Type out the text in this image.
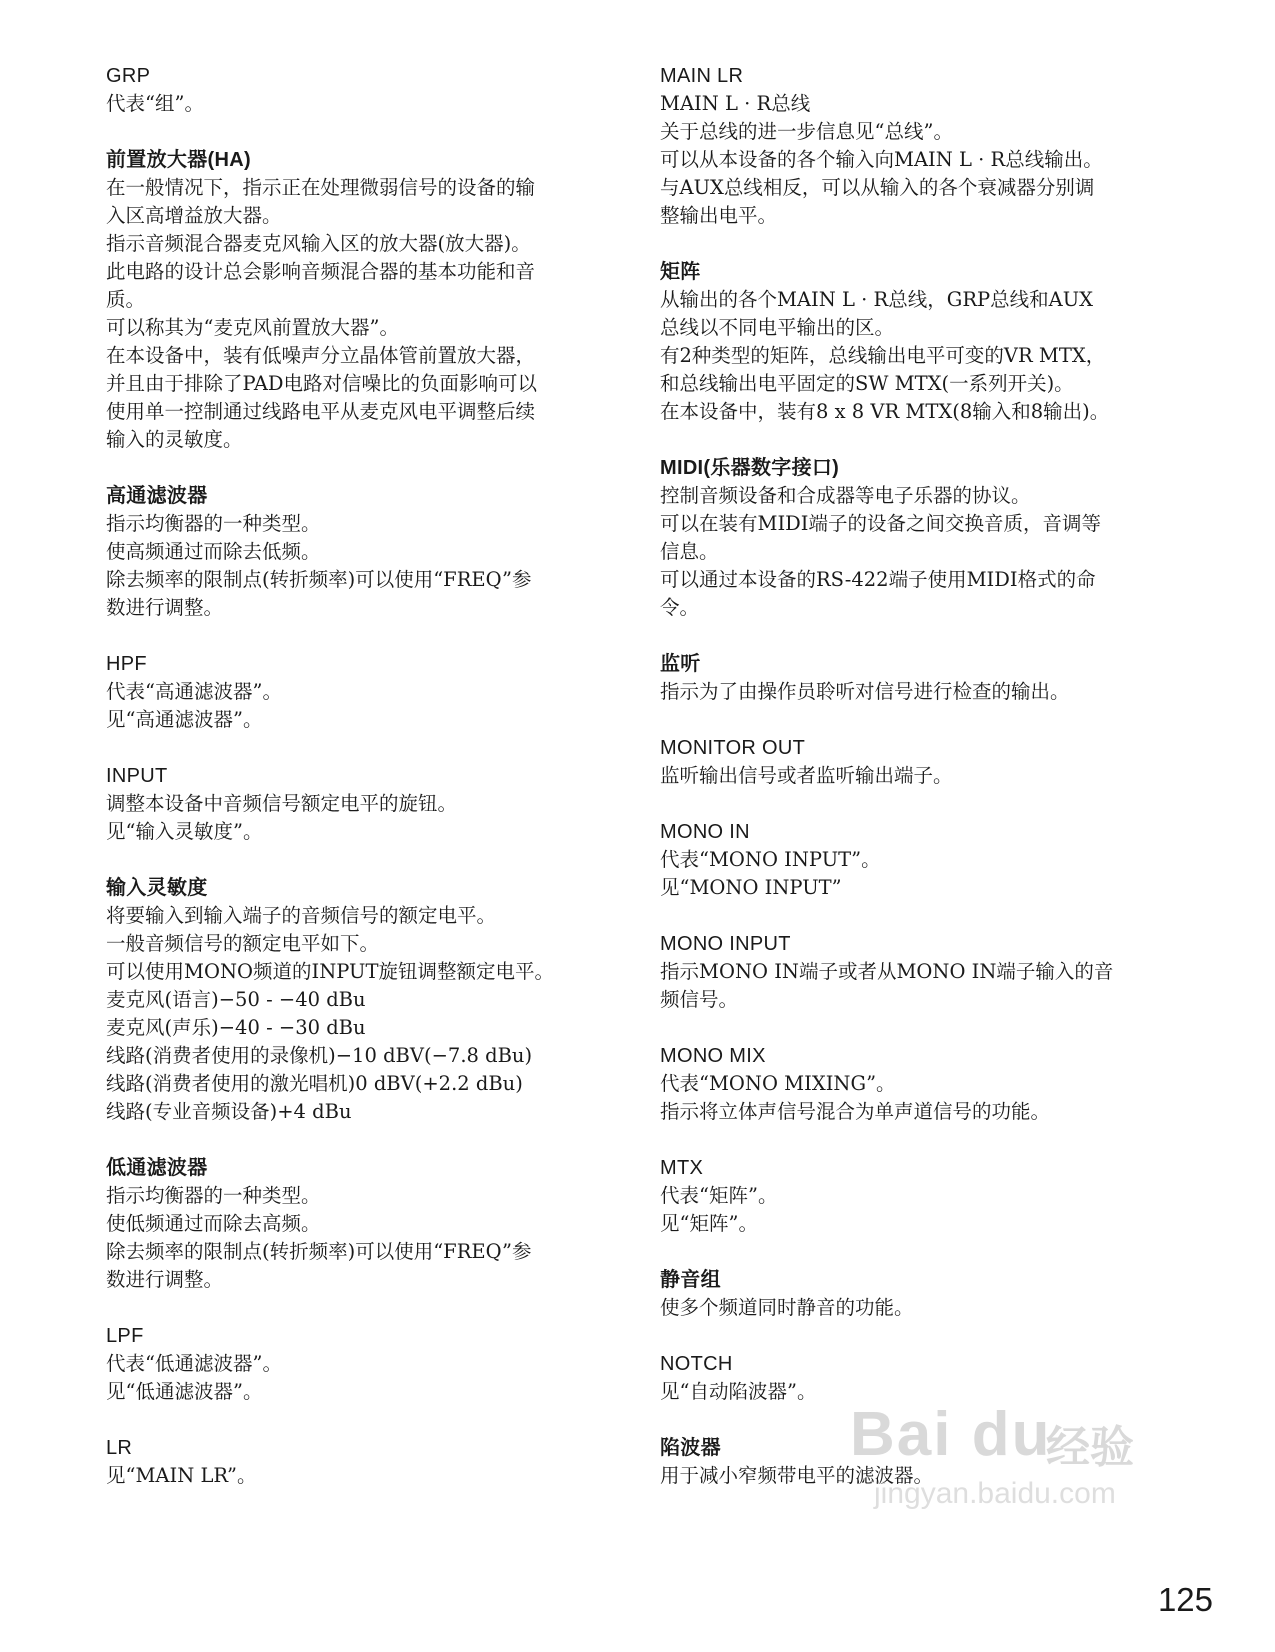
GRP
代表“组”。
前置放大器(HA)
在一般情况下，指示正在处理微弱信号的设备的输
入区高增益放大器。
指示音频混合器麦克风输入区的放大器(放大器)。
此电路的设计总会影响音频混合器的基本功能和音
质。
可以称其为“麦克风前置放大器”。
在本设备中，装有低噪声分立晶体管前置放大器，
并且由于排除了PAD电路对信噪比的负面影响可以
使用单一控制通过线路电平从麦克风电平调整后续
输入的灵敏度。
高通滤波器
指示均衡器的一种类型。
使高频通过而除去低频。
除去频率的限制点(转折频率)可以使用“FREQ”参
数进行调整。
HPF
代表“高通滤波器”。
见“高通滤波器”。
INPUT
调整本设备中音频信号额定电平的旋钮。
见“输入灵敏度”。
输入灵敏度
将要输入到输入端子的音频信号的额定电平。
一般音频信号的额定电平如下。
可以使用MONO频道的INPUT旋钮调整额定电平。
麦克风(语言)−50 - −40 dBu
麦克风(声乐)−40 - −30 dBu
线路(消费者使用的录像机)−10 dBV(−7.8 dBu)
线路(消费者使用的激光唱机)0 dBV(+2.2 dBu)
线路(专业音频设备)+4 dBu
低通滤波器
指示均衡器的一种类型。
使低频通过而除去高频。
除去频率的限制点(转折频率)可以使用“FREQ”参
数进行调整。
LPF
代表“低通滤波器”。
见“低通滤波器”。
LR
见“MAIN LR”。
MAIN LR
MAIN L · R总线
关于总线的进一步信息见“总线”。
可以从本设备的各个输入向MAIN L · R总线输出。
与AUX总线相反，可以从输入的各个衰减器分别调
整输出电平。
矩阵
从输出的各个MAIN L · R总线，GRP总线和AUX
总线以不同电平输出的区。
有2种类型的矩阵，总线输出电平可变的VR MTX，
和总线输出电平固定的SW MTX(一系列开关)。
在本设备中，装有8 x 8 VR MTX(8输入和8输出)。
MIDI(乐器数字接口)
控制音频设备和合成器等电子乐器的协议。
可以在装有MIDI端子的设备之间交换音质，音调等
信息。
可以通过本设备的RS-422端子使用MIDI格式的命
令。
监听
指示为了由操作员聆听对信号进行检查的输出。
MONITOR OUT
监听输出信号或者监听输出端子。
MONO IN
代表“MONO INPUT”。
见“MONO INPUT”
MONO INPUT
指示MONO IN端子或者从MONO IN端子输入的音
频信号。
MONO MIX
代表“MONO MIXING”。
指示将立体声信号混合为单声道信号的功能。
MTX
代表“矩阵”。
见“矩阵”。
静音组
使多个频道同时静音的功能。
NOTCH
见“自动陷波器”。
陷波器
用于减小窄频带电平的滤波器。
Bai du
经验
jingyan.baidu.com
125
